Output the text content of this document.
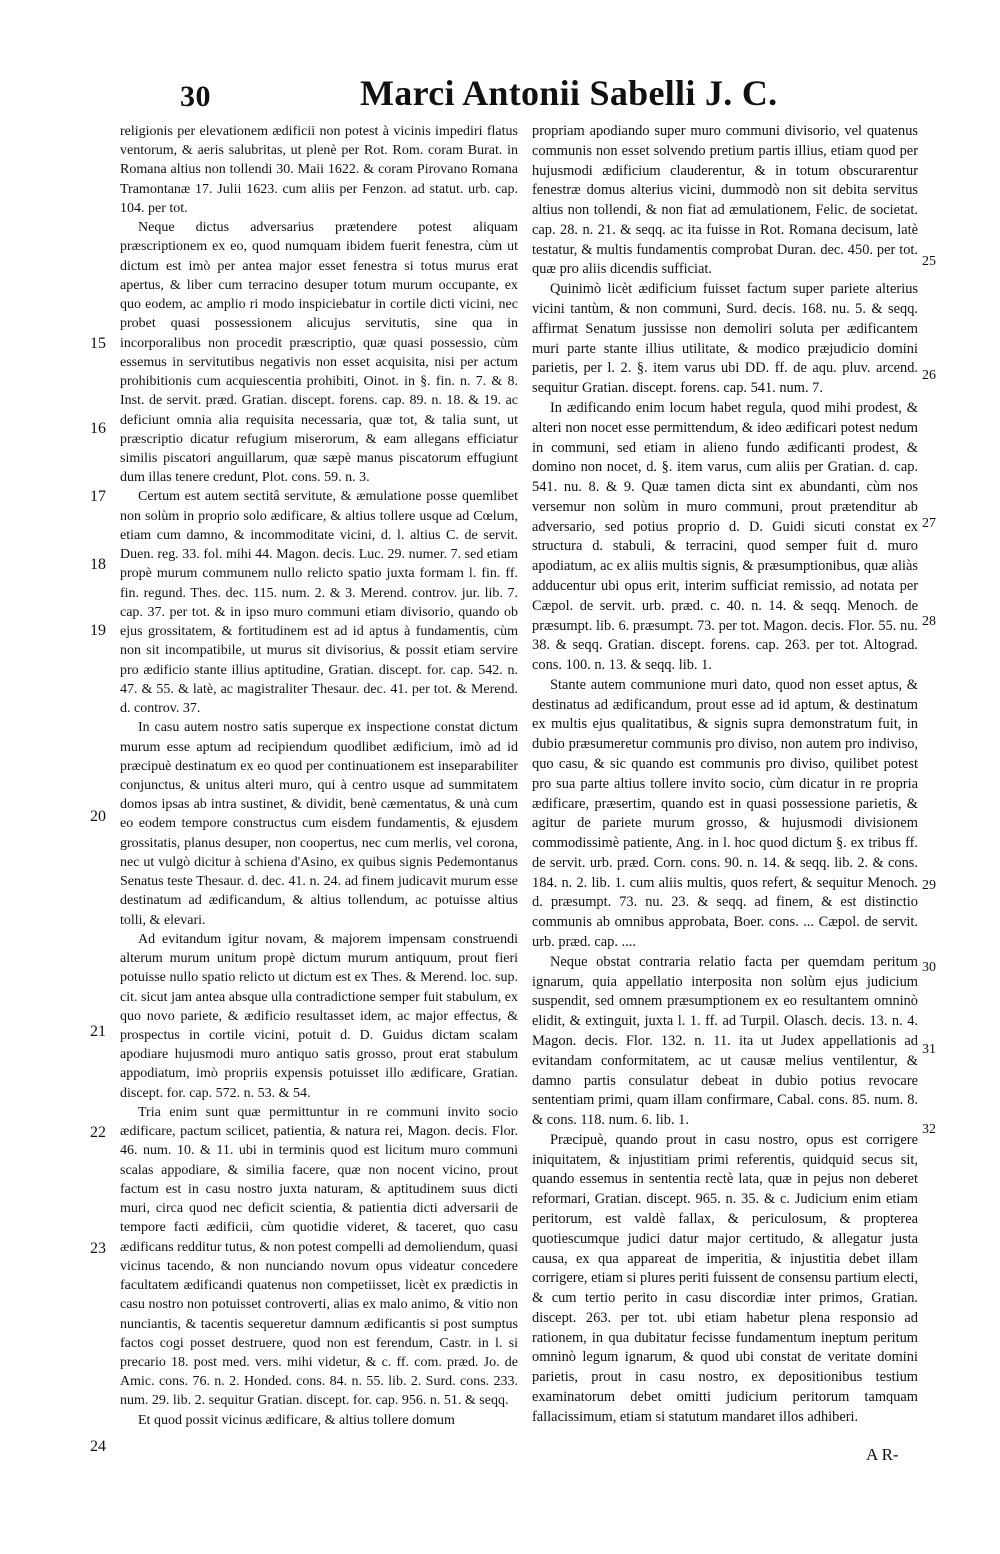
30	Marci Antonii Sabelli J. C.

religionis per elevationem ædificii non potest à vicinis impediri flatus ventorum, & aeris salubritas, ut plenè per Rot. Rom. coram Burat. in Romana altius non tollendi 30. Maii 1622. & coram Pirovano Romana Tramontanæ 17. Julii 1623. cum aliis per Fenzon. ad statut. urb. cap. 104. per tot.

Neque dictus adversarius prætendere potest aliquam præscriptionem ex eo, quod numquam ibidem fuerit fenestra, cùm ut dictum est imò per antea major esset fenestra si totus murus erat apertus, & liber cum terracino desuper totum murum occupante, ex quo eodem, ac amplio ri modo inspiciebatur in cortile dicti vicini, nec probet quasi possessionem alicujus servitutis, sine qua in incorporalibus non procedit præscriptio, quæ quasi possessio, cùm essemus in servitutibus negativis non esset acquisita, nisi per actum prohibitionis cum acquiescentia prohibiti, Oinot. in §. fin. n. 7. & 8. Inst. de servit. præd. Gratian. discept. forens. cap. 89. n. 18. & 19. ac deficiunt omnia alia requisita necessaria, quæ tot, & talia sunt, ut præscriptio dicatur refugium miserorum, & eam allegans efficiatur similis piscatori anguillarum, quæ sæpè manus piscatorum effugiunt dum illas tenere credunt, Plot. cons. 59. n. 3.

Certum est autem sectitâ servitute, & æmulatione posse quemlibet non solùm in proprio solo ædificare, & altius tollere usque ad Cœlum, etiam cum damno, & incommoditate vicini, d. l. altius C. de servit. Duen. reg. 33. fol. mihi 44. Magon. decis. Luc. 29. numer. 7. sed etiam propè murum communem nullo relicto spatio juxta formam l. fin. ff. fin. regund. Thes. dec. 115. num. 2. & 3. Merend. controv. jur. lib. 7. cap. 37. per tot. & in ipso muro communi etiam divisorio, quando ob ejus grossitatem, & fortitudinem est ad id aptus à fundamentis, cùm non sit incompatibile, ut murus sit divisorius, & possit etiam servire pro ædificio stante illius aptitudine, Gratian. discept. for. cap. 542. n. 47. & 55. & latè, ac magistraliter Thesaur. dec. 41. per tot. & Merend. d. controv. 37.

In casu autem nostro satis superque ex inspectione constat dictum murum esse aptum ad recipiendum quodlibet ædificium, imò ad id præcipuè destinatum ex eo quod per continuationem est inseparabiliter conjunctus, & unitus alteri muro, qui à centro usque ad summitatem domos ipsas ab intra sustinet, & dividit, benè cæmentatus, & unà cum eo eodem tempore constructus cum eisdem fundamentis, & ejusdem grossitatis, planus desuper, non coopertus, nec cum merlis, vel corona, nec ut vulgò dicitur à schiena d'Asino, ex quibus signis Pedemontanus Senatus teste Thesaur. d. dec. 41. n. 24. ad finem judicavit murum esse destinatum ad ædificandum, & altius tollendum, ac potuisse altius tolli, & elevari.

Ad evitandum igitur novam, & majorem impensam construendi alterum murum unitum propè dictum murum antiquum, prout fieri potuisse nullo spatio relicto ut dictum est ex Thes. & Merend. loc. sup. cit. sicut jam antea absque ulla contradictione semper fuit stabulum, ex quo novo pariete, & ædificio resultasset idem, ac major effectus, & prospectus in cortile vicini, potuit d. D. Guidus dictam scalam apodiare hujusmodi muro antiquo satis grosso, prout erat stabulum appodiatum, imò propriis expensis potuisset illo ædificare, Gratian. discept. for. cap. 572. n. 53. & 54.

Tria enim sunt quæ permittuntur in re communi invito socio ædificare, pactum scilicet, patientia, & natura rei, Magon. decis. Flor. 46. num. 10. & 11. ubi in terminis quod est licitum muro communi scalas appodiare, & similia facere, quæ non nocent vicino, prout factum est in casu nostro juxta naturam, & aptitudinem suus dicti muri, circa quod nec deficit scientia, & patientia dicti adversarii de tempore facti ædificii, cùm quotidie videret, & taceret, quo casu ædificans redditur tutus, & non potest compelli ad demoliendum, quasi vicinus tacendo, & non nunciando novum opus videatur concedere facultatem ædificandi quatenus non competiisset, licèt ex prædictis in casu nostro non potuisset controverti, alias ex malo animo, & vitio non nunciantis, & tacentis sequeretur damnum ædificantis si post sumptus factos cogi posset destruere, quod non est ferendum, Castr. in l. si precario 18. post med. vers. mihi videtur, & c. ff. com. præd. Jo. de Amic. cons. 76. n. 2. Honded. cons. 84. n. 55. lib. 2. Surd. cons. 233. num. 29. lib. 2. sequitur Gratian. discept. for. cap. 956. n. 51. & seqq.

Et quod possit vicinus ædificare, & altius tollere domum

propriam apodiando super muro communi divisorio, vel quatenus communis non esset solvendo pretium partis illius, etiam quod per hujusmodi ædificium clauderentur, & in totum obscurarentur fenestræ domus alterius vicini, dummodò non sit debita servitus altius non tollendi, & non fiat ad æmulationem, Felic. de societat. cap. 28. n. 21. & seqq. ac ita fuisse in Rot. Romana decisum, latè testatur, & multis fundamentis comprobat Duran. dec. 450. per tot. quæ pro aliis dicendis sufficiat.

Quinimò licèt ædificium fuisset factum super pariete alterius vicini tantùm, & non communi, Surd. decis. 168. nu. 5. & seqq. affirmat Senatum jussisse non demoliri soluta per ædificantem muri parte stante illius utilitate, & modico præjudicio domini parietis, per l. 2. §. item varus ubi DD. ff. de aqu. pluv. arcend. sequitur Gratian. discept. forens. cap. 541. num. 7.

In ædificando enim locum habet regula, quod mihi prodest, & alteri non nocet esse permittendum, & ideo ædificari potest nedum in communi, sed etiam in alieno fundo ædificanti prodest, & domino non nocet, d. §. item varus, cum aliis per Gratian. d. cap. 541. nu. 8. & 9. Quæ tamen dicta sint ex abundanti, cùm nos versemur non solùm in muro communi, prout prætenditur ab adversario, sed potius proprio d. D. Guidi sicuti constat ex structura d. stabuli, & terracini, quod semper fuit d. muro apodiatum, ac ex aliis multis signis, & præsumptionibus, quæ aliàs adducentur ubi opus erit, interim sufficiat remissio, ad notata per Cæpol. de servit. urb. præd. c. 40. n. 14. & seqq. Menoch. de præsumpt. lib. 6. præsumpt. 73. per tot. Magon. decis. Flor. 55. nu. 38. & seqq. Gratian. discept. forens. cap. 263. per tot. Altograd. cons. 100. n. 13. & seqq. lib. 1.

Stante autem communione muri dato, quod non esset aptus, & destinatus ad ædificandum, prout esse ad id aptum, & destinatum ex multis ejus qualitatibus, & signis supra demonstratum fuit, in dubio præsumeretur communis pro diviso, non autem pro indiviso, quo casu, & sic quando est communis pro diviso, quilibet potest pro sua parte altius tollere invito socio, cùm dicatur in re propria ædificare, præsertim, quando est in quasi possessione parietis, & agitur de pariete murum grosso, & hujusmodi divisionem commodissimè patiente, Ang. in l. hoc quod dictum §. ex tribus ff. de servit. urb. præd. Corn. cons. 90. n. 14. & seqq. lib. 2. & cons. 184. n. 2. lib. 1. cum aliis multis, quos refert, & sequitur Menoch. d. præsumpt. 73. nu. 23. & seqq. ad finem, & est distinctio communis ab omnibus approbata, Boer. cons. ... Cæpol. de servit. urb. præd. cap. ....

Neque obstat contraria relatio facta per quemdam peritum ignarum, quia appellatio interposita non solùm ejus judicium suspendit, sed omnem præsumptionem ex eo resultantem omninò elidit, & extinguit, juxta l. 1. ff. ad Turpil. Olasch. decis. 13. n. 4. Magon. decis. Flor. 132. n. 11. ita ut Judex appellationis ad evitandam conformitatem, ac ut causæ melius ventilentur, & damno partis consulatur debeat in dubio potius revocare sententiam primi, quam illam confirmare, Cabal. cons. 85. num. 8. & cons. 118. num. 6. lib. 1.

Præcipuè, quando prout in casu nostro, opus est corrigere iniquitatem, & injustitiam primi referentis, quidquid secus sit, quando essemus in sententia rectè lata, quæ in pejus non deberet reformari, Gratian. discept. 965. n. 35. & c. Judicium enim etiam peritorum, est valdè fallax, & periculosum, & propterea quotiescumque judici datur major certitudo, & allegatur justa causa, ex qua appareat de imperitia, & injustitia debet illam corrigere, etiam si plures periti fuissent de consensu partium electi, & cum tertio perito in casu discordiæ inter primos, Gratian. discept. 263. per tot. ubi etiam habetur plena responsio ad rationem, in qua dubitatur fecisse fundamentum ineptum peritum omninò legum ignarum, & quod ubi constat de veritate domini parietis, prout in casu nostro, ex depositionibus testium examinatorum debet omitti judicium peritorum tamquam fallacissimum, etiam si statutum mandaret illos adhiberi.

15
16
17
18
19
20
21
22
23
24
25
26
27
28
29
30
31
32
A R-
